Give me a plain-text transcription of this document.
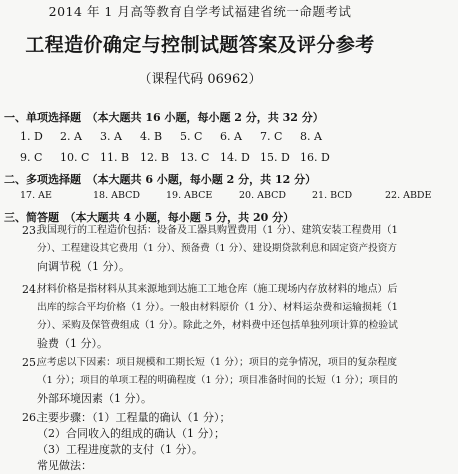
2014 年 1 月高等教育自学考试福建省统一命题考试
工程造价确定与控制试题答案及评分参考
（课程代码 06962）
一、单项选择题　（本大题共 16 小题，每小题 2 分，共 32 分）
1. D	2. A	3. A	4. B	5. C	6. A	7. C	8. A
9. C	10. C 11. B 12. B 13. C 14. D 15. D 16. D
二、多项选择题　（本大题共 6 小题，每小题 2 分，共 12 分）
17. AE	18. ABCD	19. ABCE	20. ABCD	21. BCD	22. ABDE
三、简答题　（本大题共 4 小题，每小题 5 分，共 20 分）
23.
我国现行的工程造价包括：设备及工器具购置费用（1 分）、建筑安装工程费用（1
分）、工程建设其它费用（1 分）、预备费（1 分）、建设期贷款利息和固定资产投资方
向调节税（1 分）。
24.
材料价格是指材料从其来源地到达施工工地仓库（施工现场内存放材料的地点）后
出库的综合平均价格（1 分）。一般由材料原价（1 分）、材料运杂费和运输损耗（1
分）、采购及保管费组成（1 分）。除此之外，材料费中还包括单独列项计算的检验试
验费（1 分）。
25.
应考虑以下因素：项目规模和工期长短（1 分）；项目的竞争情况，项目的复杂程度
（1 分）；项目的单项工程的明确程度（1 分）；项目准备时间的长短（1 分）；项目的
外部环境因素（1 分）。
26.
主要步骤：（1）工程量的确认（1 分）；
（2）合同收入的组成的确认（1 分）；
（3）工程进度款的支付（1 分）。
常见做法：
